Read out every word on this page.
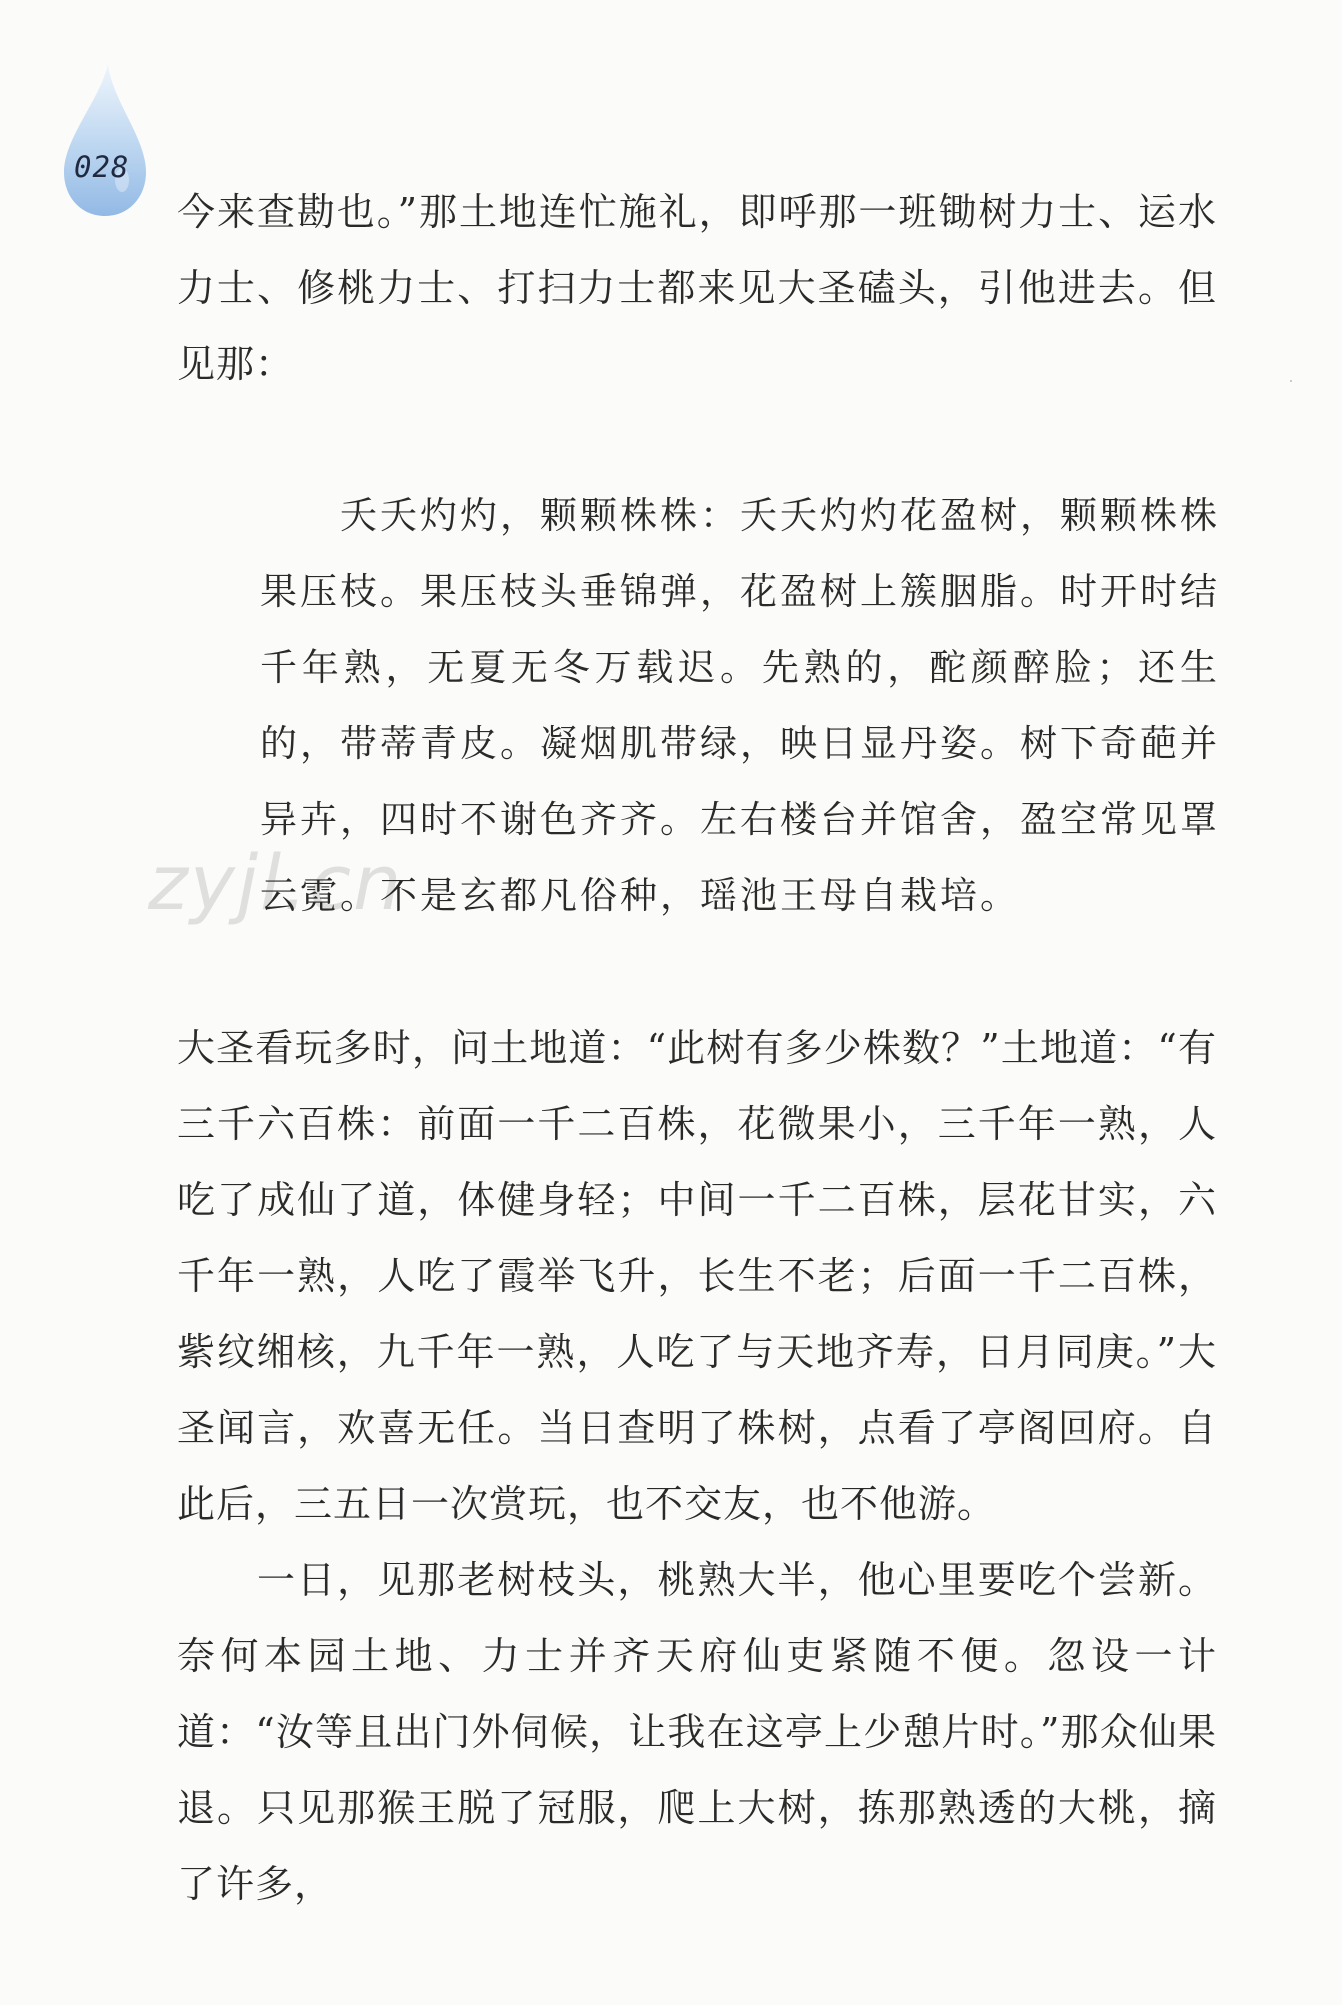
028
zyjl.cn

今来查勘也。”那土地连忙施礼，即呼那一班锄树力士、运水力士、修桃力士、打扫力士都来见大圣磕头，引他进去。但见那：

夭夭灼灼，颗颗株株：夭夭灼灼花盈树，颗颗株株果压枝。果压枝头垂锦弹，花盈树上簇胭脂。时开时结千年熟，无夏无冬万载迟。先熟的，酡颜醉脸；还生的，带蒂青皮。凝烟肌带绿，映日显丹姿。树下奇葩并异卉，四时不谢色齐齐。左右楼台并馆舍，盈空常见罩云霓。不是玄都凡俗种，瑶池王母自栽培。

大圣看玩多时，问土地道：“此树有多少株数？”土地道：“有三千六百株：前面一千二百株，花微果小，三千年一熟，人吃了成仙了道，体健身轻；中间一千二百株，层花甘实，六千年一熟，人吃了霞举飞升，长生不老；后面一千二百株，紫纹缃核，九千年一熟，人吃了与天地齐寿，日月同庚。”大圣闻言，欢喜无任。当日查明了株树，点看了亭阁回府。自此后，三五日一次赏玩，也不交友，也不他游。

一日，见那老树枝头，桃熟大半，他心里要吃个尝新。奈何本园土地、力士并齐天府仙吏紧随不便。忽设一计道：“汝等且出门外伺候，让我在这亭上少憩片时。”那众仙果退。只见那猴王脱了冠服，爬上大树，拣那熟透的大桃，摘了许多，
